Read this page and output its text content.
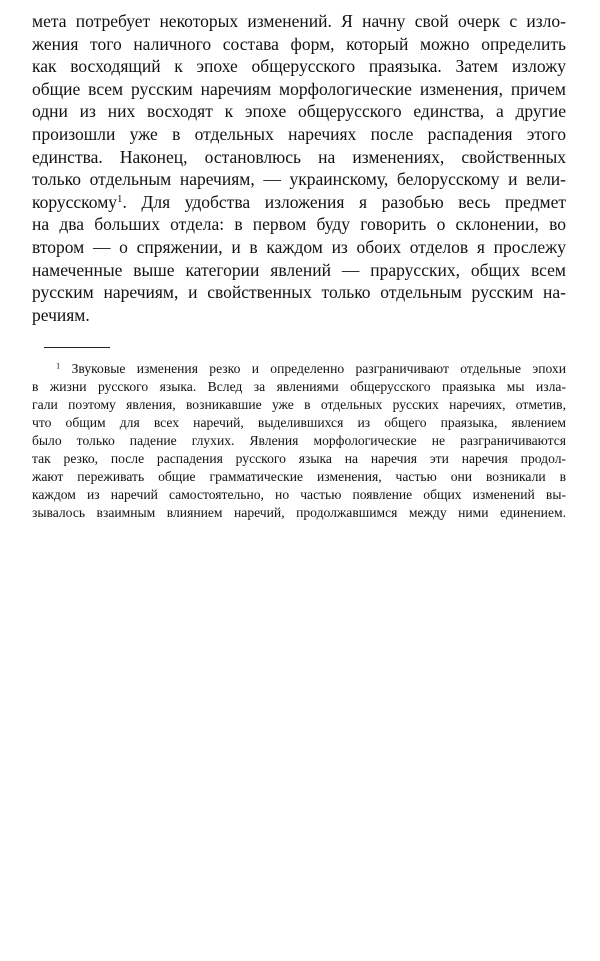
мета потребует некоторых изменений. Я начну свой очерк с изло-
жения того наличного состава форм, который можно определить
как восходящий к эпохе общерусского праязыка. Затем изложу
общие всем русским наречиям морфологические изменения, причем
одни из них восходят к эпохе общерусского единства, а другие
произошли уже в отдельных наречиях после распадения этого
единства. Наконец, остановлюсь на изменениях, свойственных
только отдельным наречиям, — украинскому, белорусскому и вели-
корусскому$^1$. Для удобства изложения я разобью весь предмет
на два больших отдела: в первом буду говорить о склонении, во
втором — о спряжении, и в каждом из обоих отделов я прослежу
намеченные выше категории явлений — прарусских, общих всем
русским наречиям, и свойственных только отдельным русским на-
речиям.
$^1$ Звуковые изменения резко и определенно разграничивают отдельные эпохи
в жизни русского языка. Вслед за явлениями общерусского праязыка мы изла-
гали поэтому явления, возникавшие уже в отдельных русских наречиях, отметив,
что общим для всех наречий, выделившихся из общего праязыка, явлением
было только падение глухих. Явления морфологические не разграничиваются
так резко, после распадения русского языка на наречия эти наречия продол-
жают переживать общие грамматические изменения, частью они возникали в
каждом из наречий самостоятельно, но частью появление общих изменений вы-
зывалось взаимным влиянием наречий, продолжавшимся между ними единением.
